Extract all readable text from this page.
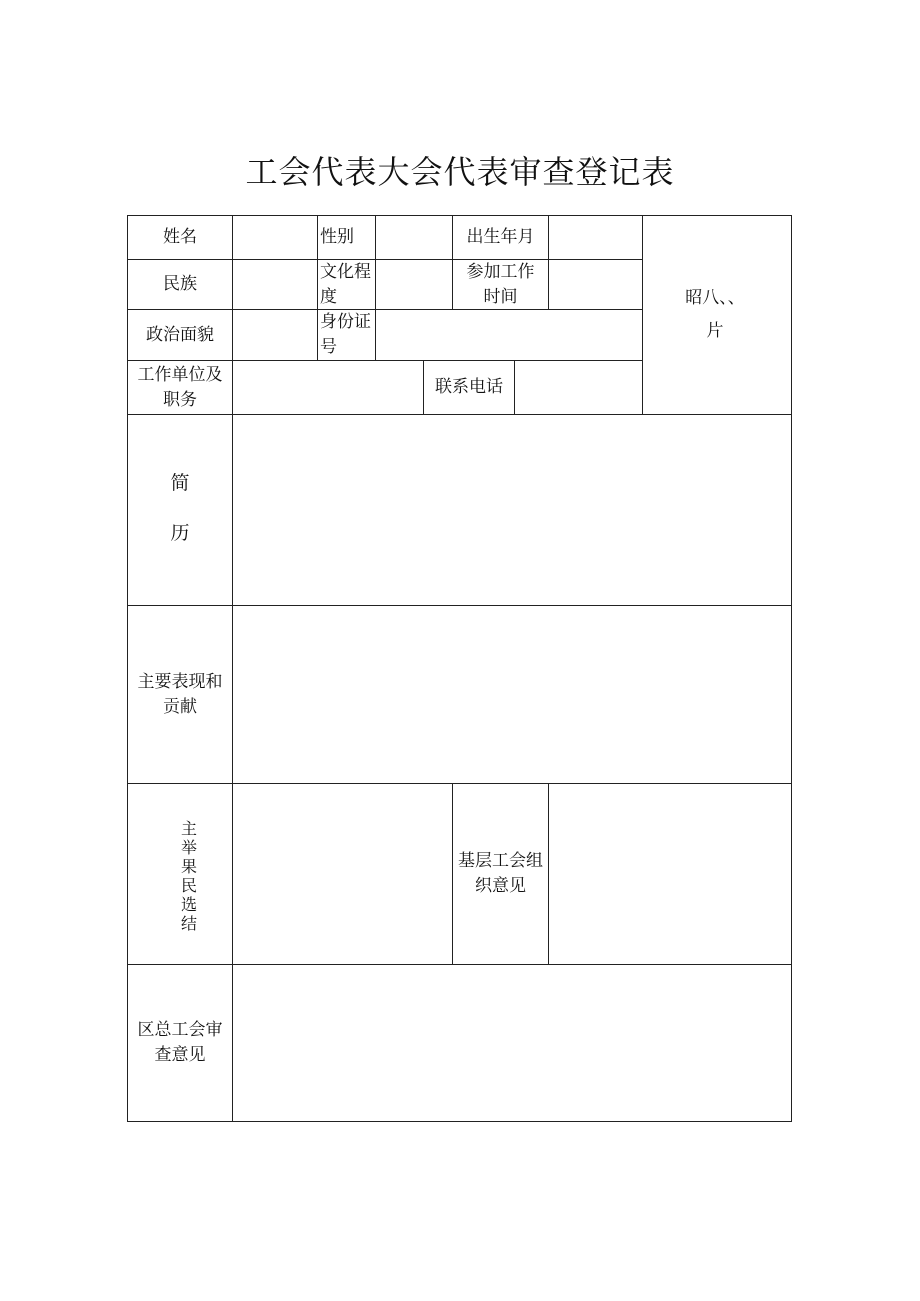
工会代表大会代表审查登记表
姓名	性别	出生年月
民族
文化程
度
参加工作
时间
政治面貌
身份证
号
工作单位及
职务
联系电话
昭八、、
片
简
历
主要表现和
贡献
主
举
果
民
选
结
基层工会组
织意见
区总工会审
查意见
